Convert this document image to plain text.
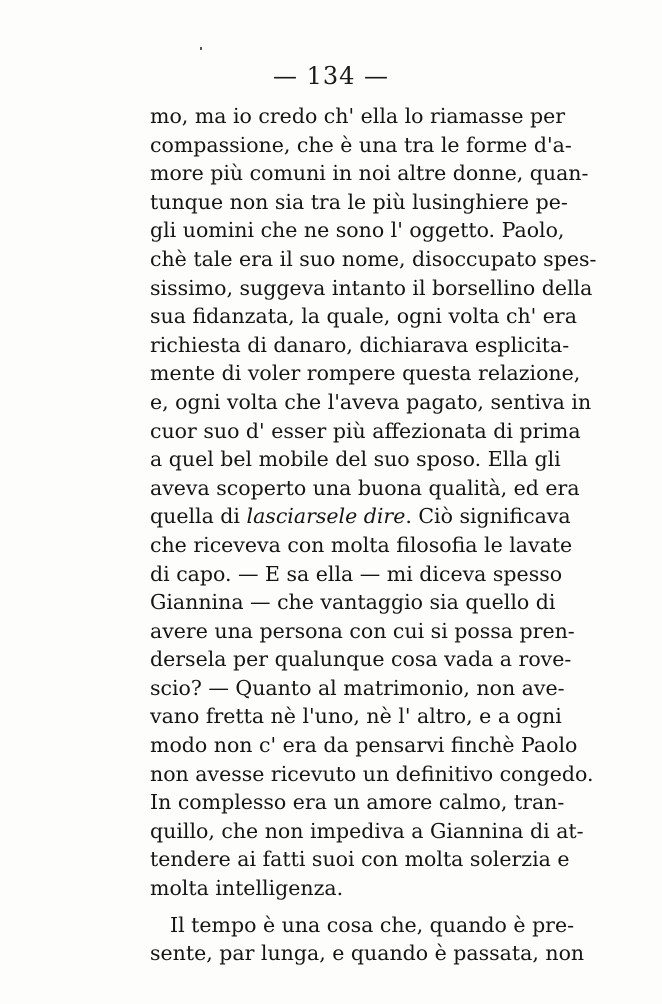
— 134 —
mo, ma io credo ch' ella lo riamasse per
compassione, che è una tra le forme d'a-
more più comuni in noi altre donne, quan-
tunque non sia tra le più lusinghiere pe-
gli uomini che ne sono l' oggetto. Paolo,
chè tale era il suo nome, disoccupato spes-
sissimo, suggeva intanto il borsellino della
sua fidanzata, la quale, ogni volta ch' era
richiesta di danaro, dichiarava esplicita-
mente di voler rompere questa relazione,
e, ogni volta che l'aveva pagato, sentiva in
cuor suo d' esser più affezionata di prima
a quel bel mobile del suo sposo. Ella gli
aveva scoperto una buona qualità, ed era
quella di lasciarsele dire. Ciò significava
che riceveva con molta filosofia le lavate
di capo. — E sa ella — mi diceva spesso
Giannina — che vantaggio sia quello di
avere una persona con cui si possa pren-
dersela per qualunque cosa vada a rove-
scio? — Quanto al matrimonio, non ave-
vano fretta nè l'uno, nè l' altro, e a ogni
modo non c' era da pensarvi finchè Paolo
non avesse ricevuto un definitivo congedo.
In complesso era un amore calmo, tran-
quillo, che non impediva a Giannina di at-
tendere ai fatti suoi con molta solerzia e
molta intelligenza.
Il tempo è una cosa che, quando è pre-
sente, par lunga, e quando è passata, non
